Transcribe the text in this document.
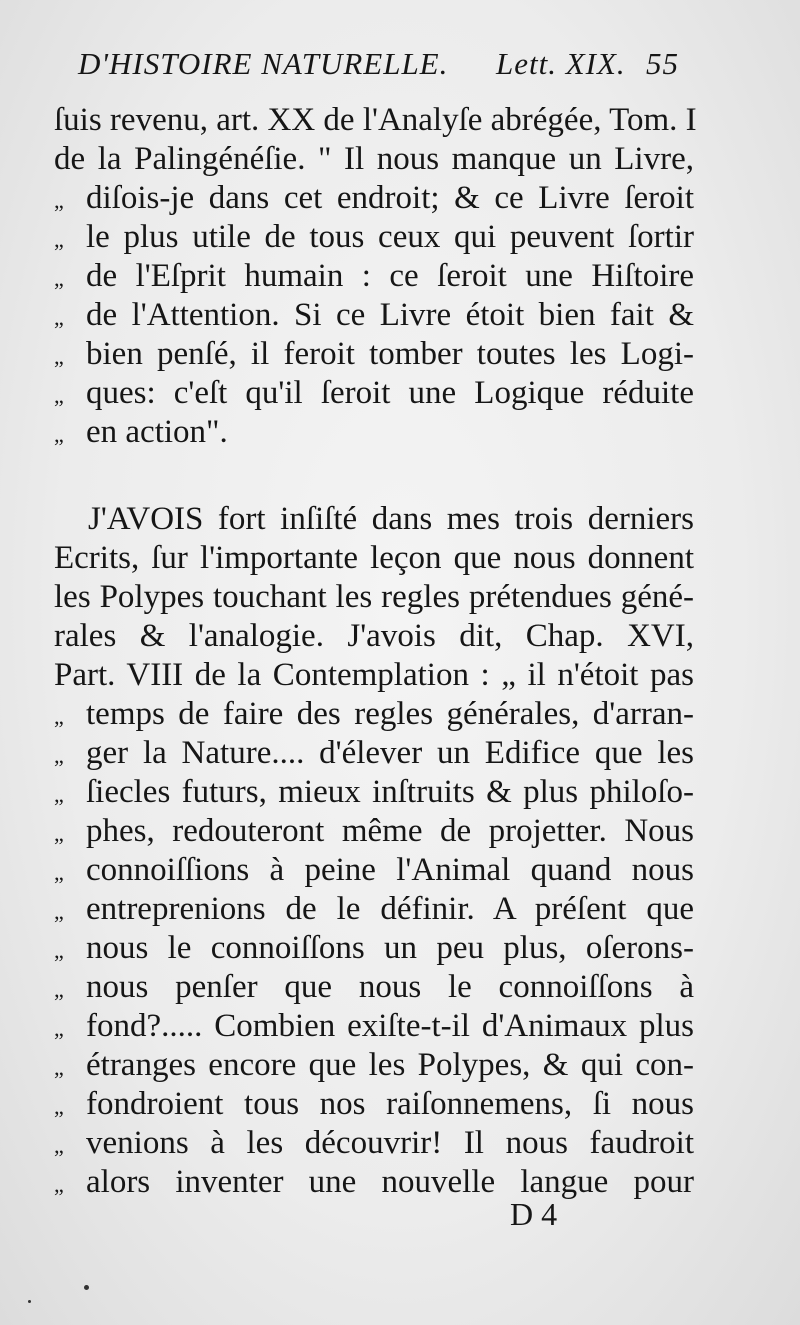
D'HISTOIRE NATURELLE. Lett. XIX. 55
ſuis revenu, art. XX de l'Analyſe abrégée, Tom. I
de la Palingénéſie. " Il nous manque un Livre,
„ diſois-je dans cet endroit; & ce Livre ſeroit
„ le plus utile de tous ceux qui peuvent ſortir
„ de l'Eſprit humain : ce ſeroit une Hiſtoire
„ de l'Attention. Si ce Livre étoit bien fait &
„ bien penſé, il feroit tomber toutes les Logi-
„ ques: c'eſt qu'il ſeroit une Logique réduite
„ en action".
J'AVOIS fort inſiſté dans mes trois derniers
Ecrits, ſur l'importante leçon que nous donnent
les Polypes touchant les regles prétendues géné-
rales & l'analogie. J'avois dit, Chap. XVI,
Part. VIII de la Contemplation : „ il n'étoit pas
„ temps de faire des regles générales, d'arran-
„ ger la Nature.... d'élever un Edifice que les
„ ſiecles futurs, mieux inſtruits & plus philoſo-
„ phes, redouteront même de projetter. Nous
„ connoiſſions à peine l'Animal quand nous
„ entreprenions de le définir. A préſent que
„ nous le connoiſſons un peu plus, oſerons-
„ nous penſer que nous le connoiſſons à
„ fond?..... Combien exiſte-t-il d'Animaux plus
„ étranges encore que les Polypes, & qui con-
„ fondroient tous nos raiſonnemens, ſi nous
„ venions à les découvrir! Il nous faudroit
„ alors inventer une nouvelle langue pour
D 4
